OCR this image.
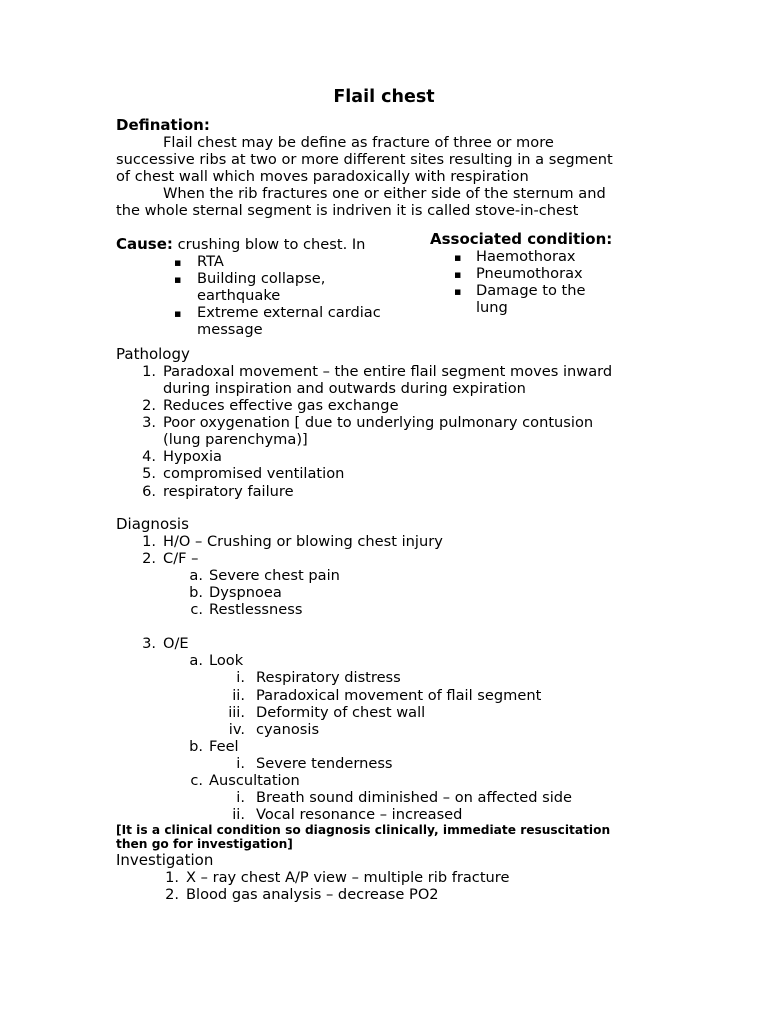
Flail chest
Defination:
Flail chest may be define as fracture of three or more
successive ribs at two or more different sites resulting in a segment
of chest wall which moves paradoxically with respiration
When the rib fractures one or either side of the sternum and
the whole sternal segment is indriven it is called stove-in-chest
Cause: crushing blow to chest. In
▪ RTA
▪ Building collapse,
earthquake
▪ Extreme external cardiac
message
Associated condition:
▪ Haemothorax
▪ Pneumothorax
▪ Damage to the
lung
Pathology
1. Paradoxal movement – the entire flail segment moves inward
during inspiration and outwards during expiration
2. Reduces effective gas exchange
3. Poor oxygenation [ due to underlying pulmonary contusion
(lung parenchyma)]
4. Hypoxia
5. compromised ventilation
6. respiratory failure
Diagnosis
1. H/O – Crushing or blowing chest injury
2. C/F –
a. Severe chest pain
b. Dyspnoea
c. Restlessness
3. O/E
a. Look
i. Respiratory distress
ii. Paradoxical movement of flail segment
iii. Deformity of chest wall
iv. cyanosis
b. Feel
i. Severe tenderness
c. Auscultation
i. Breath sound diminished – on affected side
ii. Vocal resonance – increased
[It is a clinical condition so diagnosis clinically, immediate resuscitation
then go for investigation]
Investigation
1. X – ray chest A/P view – multiple rib fracture
2. Blood gas analysis – decrease PO2
